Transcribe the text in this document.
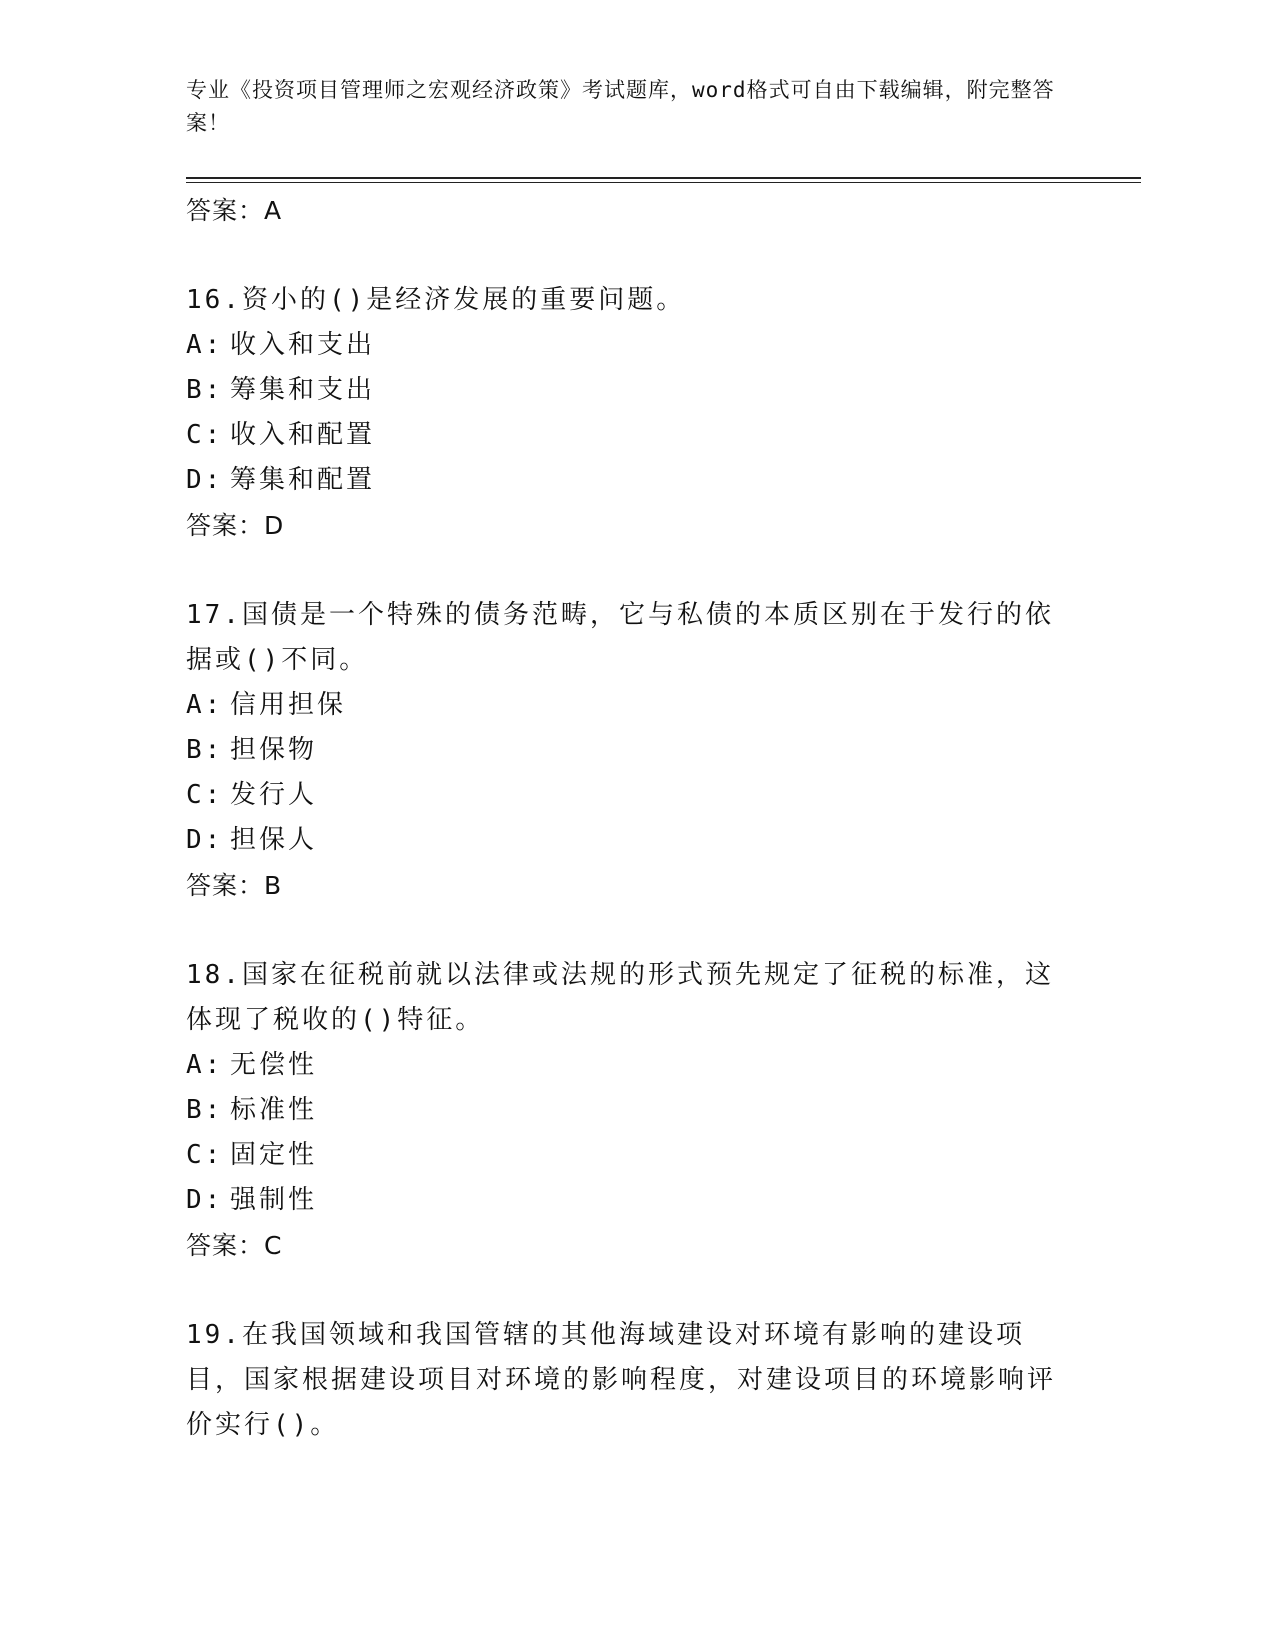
专业《投资项目管理师之宏观经济政策》考试题库，word格式可自由下载编辑，附完整答案！
答案：A
16.资小的()是经济发展的重要问题。
A: 收入和支出
B: 筹集和支出
C: 收入和配置
D: 筹集和配置
答案：D
17.国债是一个特殊的债务范畴，它与私债的本质区别在于发行的依据或()不同。
A: 信用担保
B: 担保物
C: 发行人
D: 担保人
答案：B
18.国家在征税前就以法律或法规的形式预先规定了征税的标准，这体现了税收的()特征。
A: 无偿性
B: 标准性
C: 固定性
D: 强制性
答案：C
19.在我国领域和我国管辖的其他海域建设对环境有影响的建设项目，国家根据建设项目对环境的影响程度，对建设项目的环境影响评价实行()。
